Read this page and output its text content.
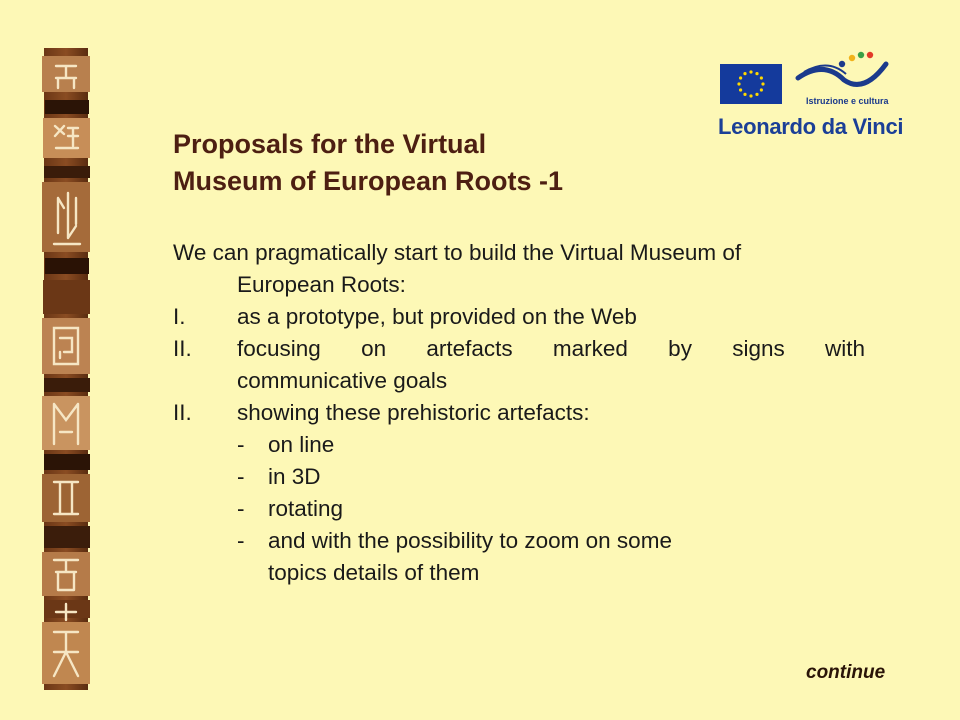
Istruzione e cultura
Leonardo da Vinci
Proposals for the Virtual
Museum of European Roots -1
We can pragmatically start to build the Virtual Museum of
European Roots:
I.	as a prototype, but provided on the Web
II.	focusing on artefacts marked by signs with
communicative goals
II.	showing these prehistoric artefacts:
-	on line
-	in 3D
-	rotating
-	and with the possibility to zoom on some
topics details of them
continue
